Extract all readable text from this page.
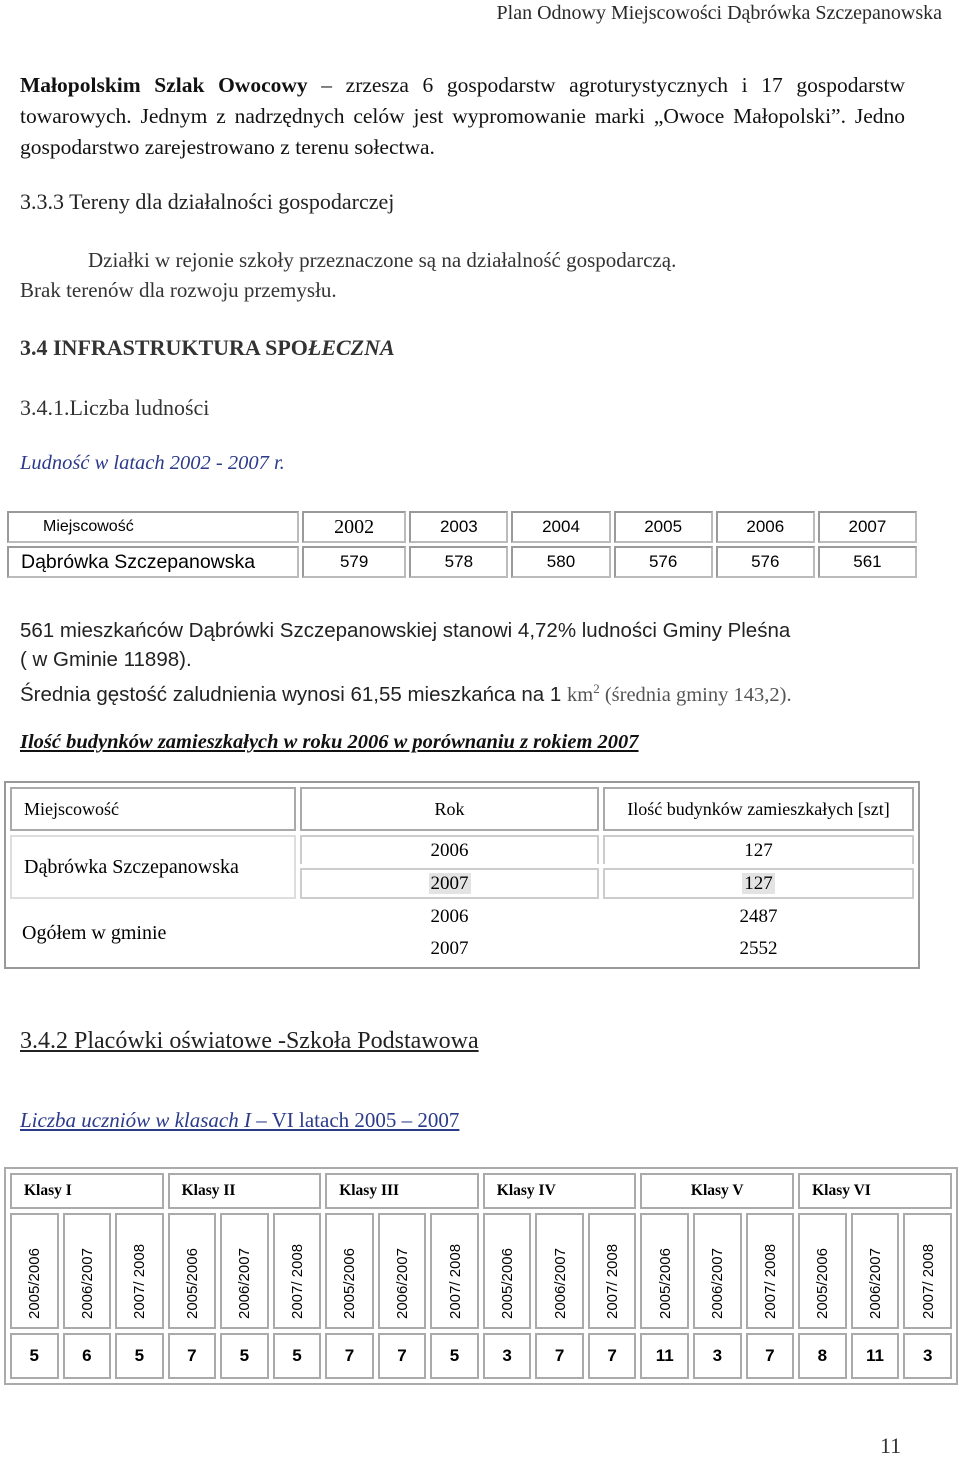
Plan Odnowy Miejscowości Dąbrówka Szczepanowska
Małopolskim Szlak Owocowy – zrzesza 6 gospodarstw agroturystycznych i 17 gospodarstw towarowych. Jednym z nadrzędnych celów jest wypromowanie marki „Owoce Małopolski”. Jedno gospodarstwo zarejestrowano z terenu sołectwa.
3.3.3 Tereny dla działalności gospodarczej
Działki w rejonie szkoły przeznaczone są na działalność gospodarczą.
Brak terenów dla rozwoju przemysłu.
3.4 INFRASTRUKTURA SPOŁECZNA
3.4.1.Liczba ludności
Ludność w latach 2002 - 2007 r.
Miejscowość	2002	2003	2004	2005	2006	2007
Dąbrówka Szczepanowska	579	578	580	576	576	561
561 mieszkańców Dąbrówki Szczepanowskiej stanowi 4,72% ludności Gminy Pleśna
( w Gminie 11898).
Średnia gęstość zaludnienia wynosi 61,55 mieszkańca na 1 $km^2$ (średnia gminy 143,2).
Ilość budynków zamieszkałych w roku 2006 w porównaniu z rokiem 2007
Miejscowość	Rok	Ilość budynków zamieszkałych [szt]
Dąbrówka Szczepanowska	2006	127
	2007	127
Ogółem w gminie	2006	2487
	2007	2552
3.4.2 Placówki oświatowe -Szkoła Podstawowa
Liczba uczniów w klasach I – VI latach 2005 – 2007
Klasy I			Klasy II			Klasy III			Klasy IV			Klasy V			Klasy VI		

2005/2006	2006/2007	2007/ 2008	2005/2006	2006/2007	2007/ 2008	2005/2006	2006/2007	2007/ 2008	2005/2006	2006/2007	2007/ 2008	2005/2006	2006/2007	2007/ 2008	2005/2006	2006/2007	2007/ 2008

5	6	5	7	5	5	7	7	5	3	7	7	11	3	7	8	11	3
11
